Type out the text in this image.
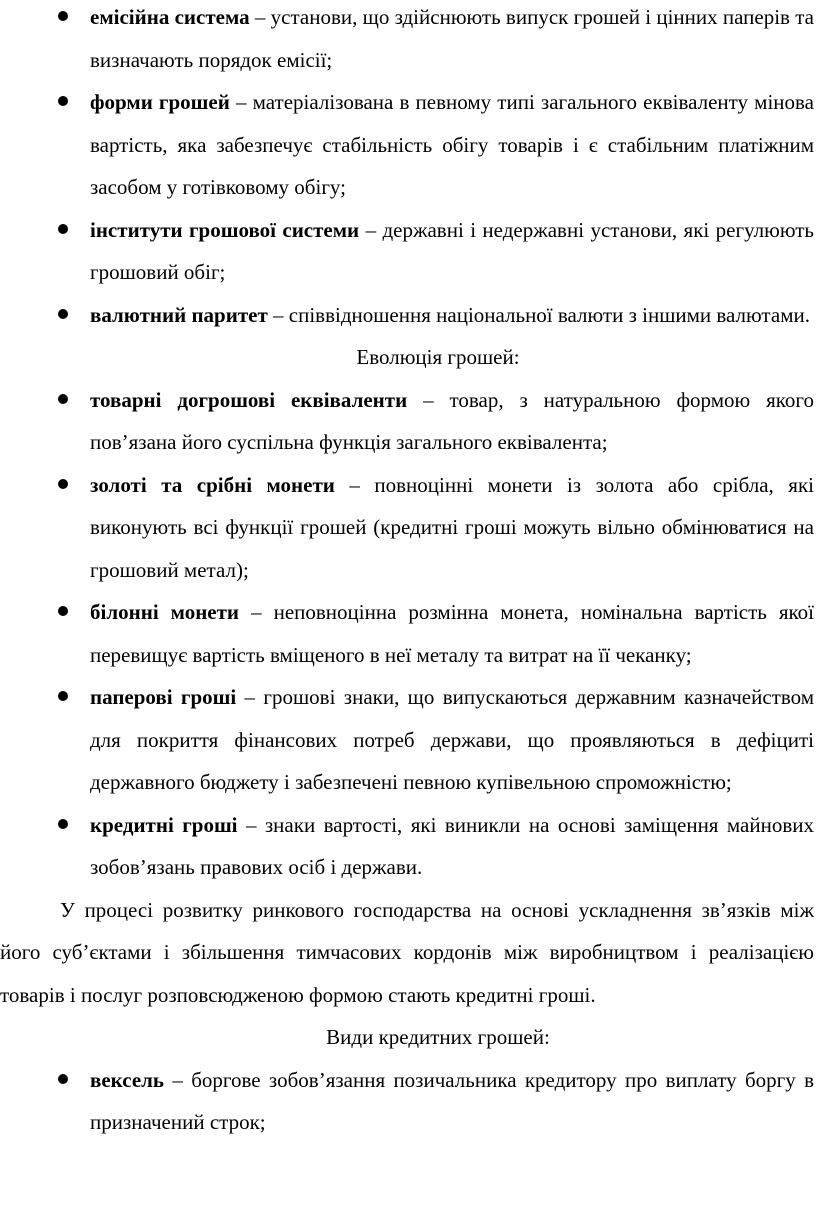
емісійна система – установи, що здійснюють випуск грошей і цінних паперів та визначають порядок емісії;
форми грошей – матеріалізована в певному типі загального еквіваленту мінова вартість, яка забезпечує стабільність обігу товарів і є стабільним платіжним засобом у готівковому обігу;
інститути грошової системи – державні і недержавні установи, які регулюють грошовий обіг;
валютний паритет – співвідношення національної валюти з іншими валютами.

Еволюція грошей:

товарні догрошові еквіваленти – товар, з натуральною формою якого пов’язана його суспільна функція загального еквівалента;
золоті та срібні монети – повноцінні монети із золота або срібла, які виконують всі функції грошей (кредитні гроші можуть вільно обмінюватися на грошовий метал);
білонні монети – неповноцінна розмінна монета, номінальна вартість якої перевищує вартість вміщеного в неї металу та витрат на її чеканку;
паперові гроші – грошові знаки, що випускаються державним казначейством для покриття фінансових потреб держави, що проявляються в дефіциті державного бюджету і забезпечені певною купівельною спроможністю;
кредитні гроші – знаки вартості, які виникли на основі заміщення майнових зобов’язань правових осіб і держави.

У процесі розвитку ринкового господарства на основі ускладнення зв’язків між його суб’єктами і збільшення тимчасових кордонів між виробництвом і реалізацією товарів і послуг розповсюдженою формою стають кредитні гроші.

Види кредитних грошей:

вексель – боргове зобов’язання позичальника кредитору про виплату боргу в призначений строк;
